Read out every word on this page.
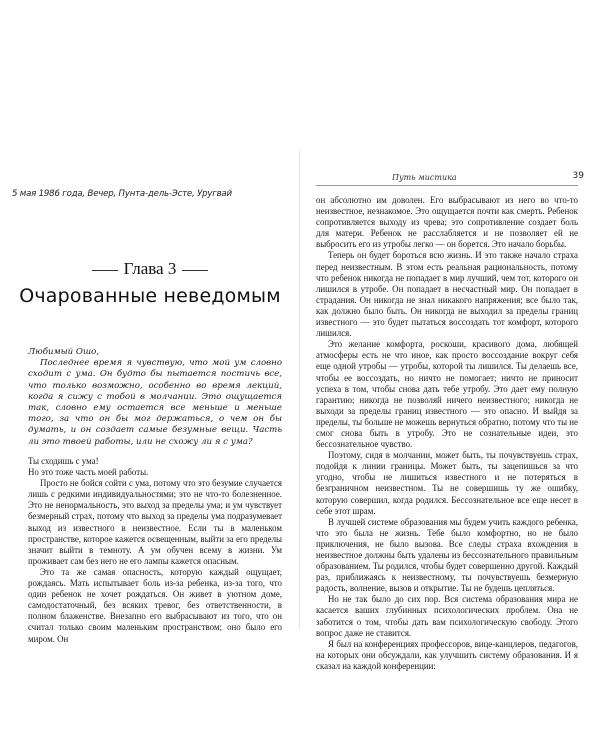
5 мая 1986 года, Вечер, Пунта-дель-Эсте, Уругвай
Глава 3
Очарованные неведомым

Любимый Ошо,

Последнее время я чувствую, что мой ум словно сходит с ума. Он будто бы пытается постичь все, что только возможно, особенно во время лекций, когда я сижу с тобой в молчании. Это ощущается так, словно ему остается все меньше и меньше того, за что он бы мог держаться, о чем он бы думать, и он создает самые безумные вещи. Часть ли это твоей работы, или не схожу ли я с ума?

Ты сходишь с ума!

Но это тоже часть моей работы.

Просто не бойся сойти с ума, потому что это безумие случается лишь с редкими индивидуальностями; это не что-то болезненное. Это не ненормальность, это выход за пределы ума; и ум чувствует безмерный страх, потому что выход за пределы ума подразумевает выход из известного в неизвестное. Если ты в маленьком пространстве, которое кажется освещенным, выйти за его пределы значит выйти в темноту. А ум обучен всему в жизни. Ум проживает сам без него не его лампы кажется опасным.

Это та же самая опасность, которую каждый ощущает, рождаясь. Мать испытывает боль из-за ребенка, из-за того, что один ребенок не хочет рождаться. Он живет в уютном доме, самодостаточный, без всяких тревог, без ответственности, в полном блаженстве. Внезапно его выбрасывают из того, что он считал только своим маленьким пространством; оно было его миром. Он

Путь мистика	39

он абсолютно им доволен. Его выбрасывают из него во что-то неизвестное, незнакомое. Это ощущается почти как смерть. Ребенок сопротивляется выходу из чрева; это сопротивление создает боль для матери. Ребенок не расслабляется и не позволяет ей не выбросить его из утробы легко — он борется. Это начало борьбы.

Теперь он будет бороться всю жизнь. И это также начало страха перед неизвестным. В этом есть реальная рациональность, потому что ребенок никогда не попадает в мир лучший, чем тот, которого он лишился в утробе. Он попадает в несчастный мир. Он попадает в страдания. Он никогда не знал никакого напряжения; все было так, как должно было быть. Он никогда не выходил за пределы границ известного — это будет пытаться воссоздать тот комфорт, которого лишился.

Это желание комфорта, роскоши, красивого дома, любящей атмосферы есть не что иное, как просто воссоздание вокруг себя еще одной утробы — утробы, которой ты лишился. Ты делаешь все, чтобы ее воссоздать, но ничто не помогает; ничто не приносит успеха в том, чтобы снова дать тебе утробу. Это дает ему полную гарантию; никогда не позволяй ничего неизвестного; никогда не выходи за пределы границ известного — это опасно. И выйдя за пределы, ты больше не можешь вернуться обратно, потому что ты не смог снова быть в утробу. Это не сознательные идеи, это бессознательное чувство.

Поэтому, сидя в молчании, может быть, ты почувствуешь страх, подойдя к линии границы. Может быть, ты зацепишься за что угодно, чтобы не лишиться известного и не потеряться в безграничном неизвестном. Ты не совершишь ту же ошибку, которую совершил, когда родился. Бессознательное все еще несет в себе этот шрам.

В лучшей системе образования мы будем учить каждого ребенка, что это была не жизнь. Тебе было комфортно, но не было приключения, не было вызова. Все следы страха вхождения в неизвестное должны быть удалены из бессознательного правильным образованием. Ты родился, чтобы будет совершенно другой. Каждый раз, приближаясь к неизвестному, ты почувствуешь безмерную радость, волнение, вызов и открытие. Ты не будешь цепляться.

Но не так было до сих пор. Вся система образования мира не касается ваших глубинных психологических проблем. Она не заботится о том, чтобы дать вам психологическую свободу. Этого вопрос даже не ставится.

Я был на конференциях профессоров, вице-канцлеров, педагогов, на которых они обсуждали, как улучшить систему образования. И я сказал на каждой конференции:
